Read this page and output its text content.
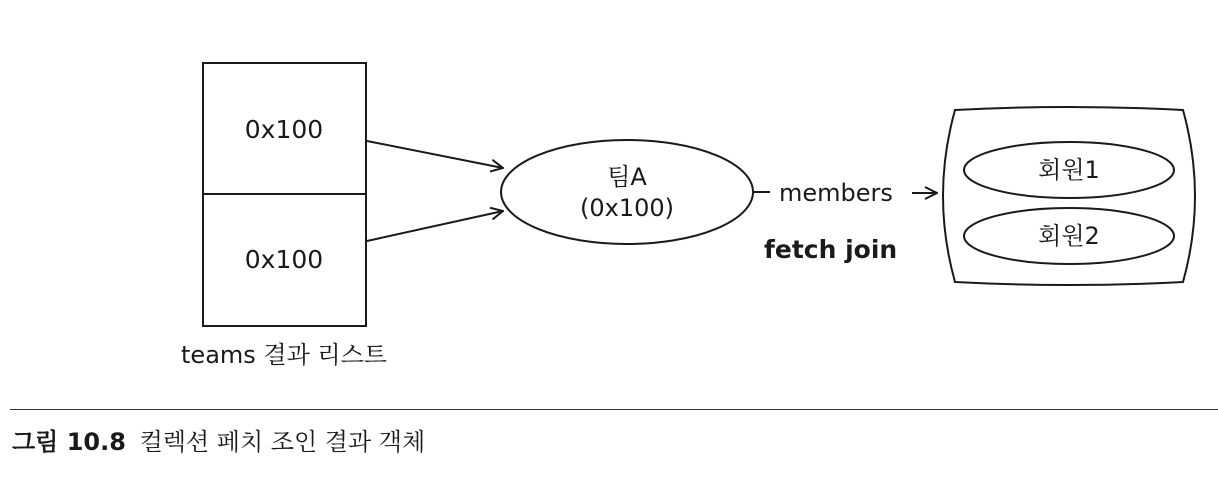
0x100
0x100
teams 결과 리스트
팀A
(0x100)
members
fetch join
회원1
회원2
그림 10.8 컬렉션 페치 조인 결과 객체
